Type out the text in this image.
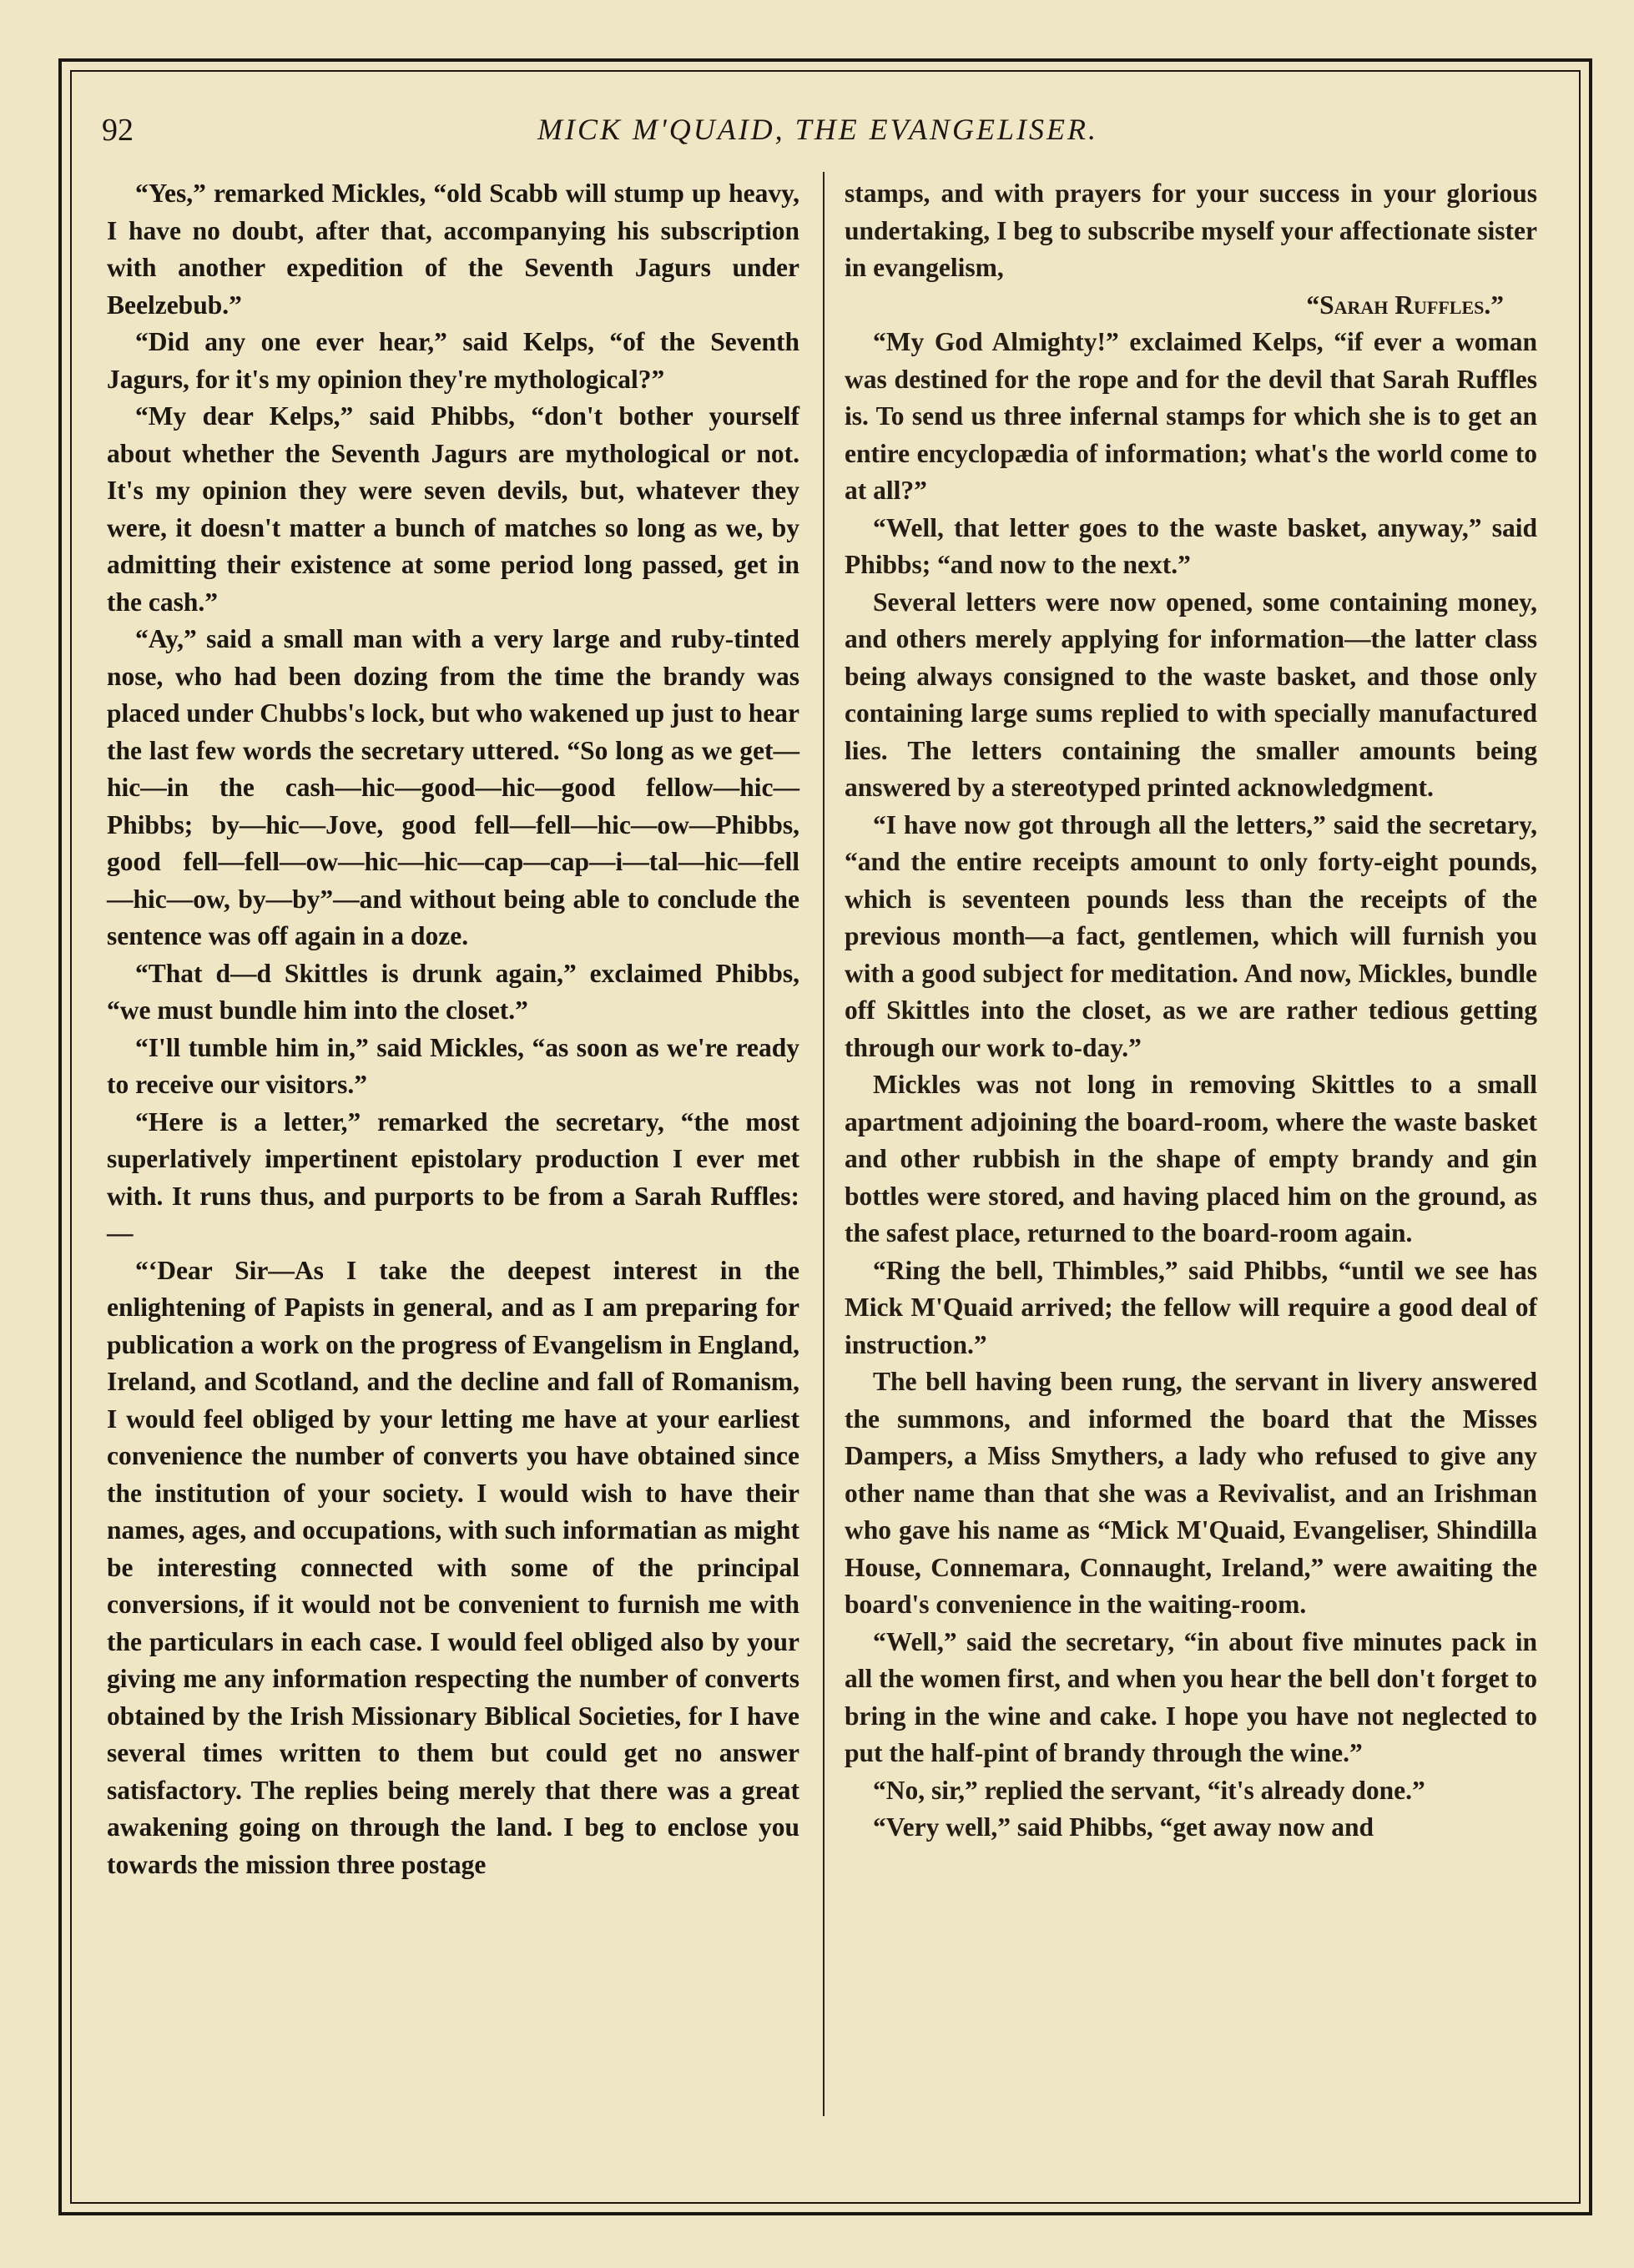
92	MICK M'QUAID, THE EVANGELISER.

“Yes,” remarked Mickles, “old Scabb will stump up heavy, I have no doubt, after that, accompanying his subscription with another expedition of the Seventh Jagurs under Beelzebub.”

“Did any one ever hear,” said Kelps, “of the Seventh Jagurs, for it's my opinion they're mythological?”

“My dear Kelps,” said Phibbs, “don't bother yourself about whether the Seventh Jagurs are mythological or not. It's my opinion they were seven devils, but, whatever they were, it doesn't matter a bunch of matches so long as we, by admitting their existence at some period long passed, get in the cash.”

“Ay,” said a small man with a very large and ruby-tinted nose, who had been dozing from the time the brandy was placed under Chubbs's lock, but who wakened up just to hear the last few words the secretary uttered. “So long as we get—hic—in the cash—hic—good—hic—good fellow—hic—Phibbs; by—hic—Jove, good fell—fell—hic—ow—Phibbs, good fell—fell—ow—hic—hic—cap—cap—i—tal—hic—fell—hic—ow, by—by”—and without being able to conclude the sentence was off again in a doze.

“That d—d Skittles is drunk again,” exclaimed Phibbs, “we must bundle him into the closet.”

“I'll tumble him in,” said Mickles, “as soon as we're ready to receive our visitors.”

“Here is a letter,” remarked the secretary, “the most superlatively impertinent epistolary production I ever met with. It runs thus, and purports to be from a Sarah Ruffles:—

“‘Dear Sir—As I take the deepest interest in the enlightening of Papists in general, and as I am preparing for publication a work on the progress of Evangelism in England, Ireland, and Scotland, and the decline and fall of Romanism, I would feel obliged by your letting me have at your earliest convenience the number of converts you have obtained since the institution of your society. I would wish to have their names, ages, and occupations, with such informatian as might be interesting connected with some of the principal conversions, if it would not be convenient to furnish me with the particulars in each case. I would feel obliged also by your giving me any information respecting the number of converts obtained by the Irish Missionary Biblical Societies, for I have several times written to them but could get no answer satisfactory. The replies being merely that there was a great awakening going on through the land. I beg to enclose you towards the mission three postage

stamps, and with prayers for your success in your glorious undertaking, I beg to subscribe myself your affectionate sister in evangelism,

“Sarah Ruffles.”

“My God Almighty!” exclaimed Kelps, “if ever a woman was destined for the rope and for the devil that Sarah Ruffles is. To send us three infernal stamps for which she is to get an entire encyclopædia of information; what's the world come to at all?”

“Well, that letter goes to the waste basket, anyway,” said Phibbs; “and now to the next.”

Several letters were now opened, some containing money, and others merely applying for information—the latter class being always consigned to the waste basket, and those only containing large sums replied to with specially manufactured lies. The letters containing the smaller amounts being answered by a stereotyped printed acknowledgment.

“I have now got through all the letters,” said the secretary, “and the entire receipts amount to only forty-eight pounds, which is seventeen pounds less than the receipts of the previous month—a fact, gentlemen, which will furnish you with a good subject for meditation. And now, Mickles, bundle off Skittles into the closet, as we are rather tedious getting through our work to-day.”

Mickles was not long in removing Skittles to a small apartment adjoining the board-room, where the waste basket and other rubbish in the shape of empty brandy and gin bottles were stored, and having placed him on the ground, as the safest place, returned to the board-room again.

“Ring the bell, Thimbles,” said Phibbs, “until we see has Mick M'Quaid arrived; the fellow will require a good deal of instruction.”

The bell having been rung, the servant in livery answered the summons, and informed the board that the Misses Dampers, a Miss Smythers, a lady who refused to give any other name than that she was a Revivalist, and an Irishman who gave his name as “Mick M'Quaid, Evangeliser, Shindilla House, Connemara, Connaught, Ireland,” were awaiting the board's convenience in the waiting-room.

“Well,” said the secretary, “in about five minutes pack in all the women first, and when you hear the bell don't forget to bring in the wine and cake. I hope you have not neglected to put the half-pint of brandy through the wine.”

“No, sir,” replied the servant, “it's already done.”

“Very well,” said Phibbs, “get away now and
